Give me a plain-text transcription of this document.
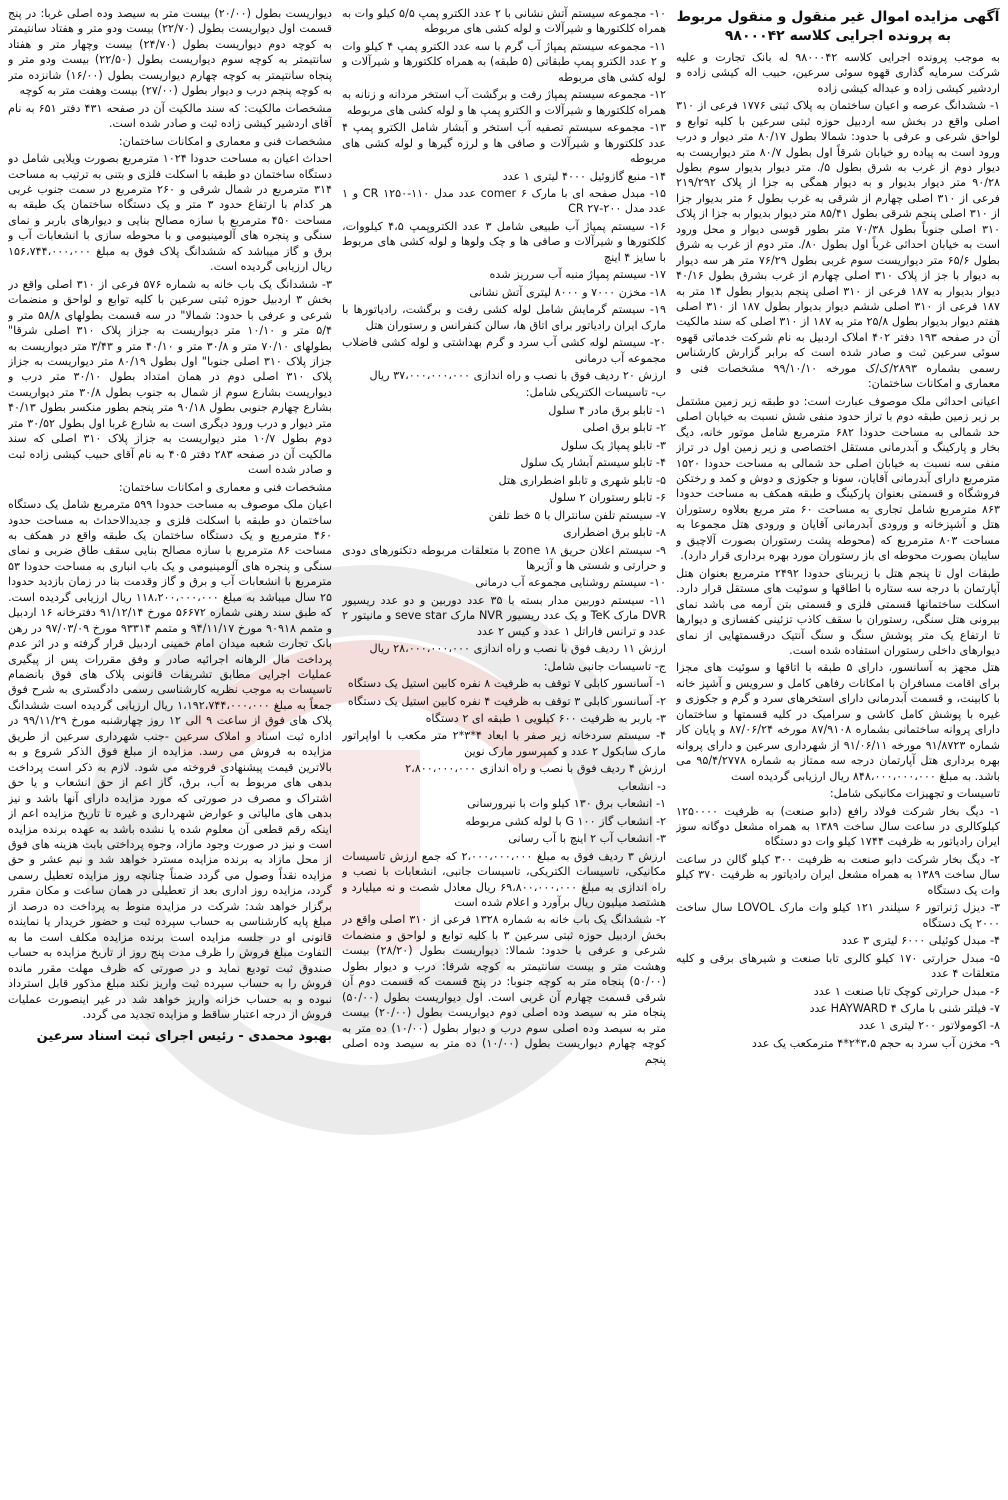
آگهی مزایده اموال غیر منقول و منقول مربوط به پرونده اجرایی کلاسه ۹۸۰۰۰۴۲

به موجب پرونده اجرایی کلاسه ۹۸۰۰۰۴۲ له بانک تجارت و علیه شرکت سرمایه گذاری قهوه سوئی سرعین، حبیب اله کیشی زاده و اردشیر کیشی زاده و عبداله کیشی زاده

۱- ششدانگ عرصه و اعیان ساختمان به پلاک ثبتی ۱۷۷۶ فرعی از ۳۱۰ اصلی واقع در بخش سه اردبیل حوزه ثبتی سرعین با کلیه توابع و لواحق شرعی و عرفی با حدود: شمالا بطول ۸۰/۱۷ متر دیوار و درب ورود است به پیاده رو خیابان شرقاً اول بطول ۸۰/۷ متر دیواریست به دیوار دوم از غرب به شرق بطول ۵/. متر دیوار بدیوار سوم بطول ۹۰/۲۸ متر دیوار بدیوار و به دیوار همگی به جزا از پلاک ۲۱۹/۲۹۲ فرعی از ۳۱۰ اصلی چهارم از شرقی به غرب بطول ۶ متر بدیوار جزا از ۳۱۰ اصلی پنجم شرقی بطول ۸۵/۴۱ متر دیوار بدیوار به جزا از پلاک ۳۱۰ اصلی جنوباً بطول ۷۰/۳۸ متر بطور قوسی دیوار و محل ورود است به خیابان احداثی غرباً اول بطول ۸۰/. متر دوم از غرب به شرق بطول ۶۵/۶ متر دیواریست سوم غربی بطول ۷۶/۲۹ متر هر سه دیوار به دیوار با جز از پلاک ۳۱۰ اصلی چهارم از غرب بشرق بطول ۴۰/۱۶ دیوار بدیوار به ۱۸۷ فرعی از ۳۱۰ اصلی پنجم بدیوار بطول ۱۴ متر به ۱۸۷ فرعی از ۳۱۰ اصلی ششم دیوار بدیوار بطول ۱۸۷ از ۳۱۰ اصلی هفتم دیوار بدیوار بطول ۲۵/۸ متر به ۱۸۷ از ۳۱۰ اصلی که سند مالکیت آن در صفحه ۱۹۳ دفتر ۴۰۲ املاک اردبیل به نام شرکت خدماتی قهوه سوئی سرعین ثبت و صادر شده است که برابر گزارش کارشناس رسمی بشماره ۲۸۹۳/ک/ک مورخه ۹۹/۱۰/۱۰ مشخصات فنی و معماری و امکانات ساختمان:

اعیانی احداثی ملک موصوف عبارت است: دو طبقه زیر زمین مشتمل بر زیر زمین طبقه دوم با تراز حدود منفی شش نسبت به خیابان اصلی حد شمالی به مساحت حدودا ۶۸۲ مترمربع شامل موتور خانه، دیگ بخار و پارکینگ و آبدرمانی مستقل اختصاصی و زیر زمین اول در تراز منفی سه نسبت به خیابان اصلی حد شمالی به مساحت حدودا ۱۵۲۰ مترمربع دارای آبدرمانی آقایان، سونا و جکوزی و دوش و کمد و رختکن فروشگاه و قسمتی بعنوان پارکینگ و طبقه همکف به مساحت حدودا ۸۶۳ مترمربع شامل تجاری به مساحت ۶۰ متر مربع بعلاوه رستوران هتل و آشپزخانه و ورودی آبدرمانی آقایان و ورودی هتل مجموعا به مساحت ۸۰۳ مترمربع که (محوطه پشت رستوران بصورت آلاچیق و سایبان بصورت محوطه ای باز رستوران مورد بهره برداری قرار دارد).

طبقات اول تا پنجم هتل با زیربنای حدودا ۲۴۹۲ مترمربع بعنوان هتل آپارتمان با درجه سه ستاره با اطاقها و سوئیت های مستقل قرار دارد. اسکلت ساختمانها قسمتی فلزی و قسمتی بتن آرمه می باشد نمای بیرونی هتل سنگی، رستوران با سقف کاذب تزئینی کفسازی و دیوارها تا ارتفاع یک متر پوشش سنگ و سنگ آنتیک درقسمتهایی از نمای دیوارهای داخلی رستوران استفاده شده است.

هتل مجهز به آسانسور، دارای ۵ طبقه با اتاقها و سوئیت های مجزا برای اقامت مسافران با امکانات رفاهی کامل و سرویس و آشپز خانه با کابینت، و قسمت آبدرمانی دارای استخرهای سرد و گرم و جکوزی و غیره با پوشش کامل کاشی و سرامیک در کلیه قسمتها و ساختمان دارای پروانه ساختمانی بشماره ۸۷/۹۱۰۸ مورخه ۸۷/۰۶/۲۴ و پایان کار شماره ۹۱/۸۷۲۳ مورخه ۹۱/۰۶/۱۱ از شهرداری سرعین و دارای پروانه بهره برداری هتل آپارتمان درجه سه ممتاز به شماره ۹۵/۴/۲۷۷۸ می باشد. به مبلغ ۸۴۸،۰۰۰،۰۰۰،۰۰۰ ریال ارزیابی گردیده است

تاسیسات و تجهیزات مکانیکی شامل:

۱- دیگ بخار شرکت فولاد رافع (دابو صنعت) به ظرفیت ۱۲۵۰۰۰۰ کیلوکالری در ساعت سال ساخت ۱۳۸۹ به همراه مشعل دوگانه سوز ایران رادیاتور به ظرفیت ۱۷۴۴ کیلو وات دو دستگاه

۲- دیگ بخار شرکت دابو صنعت به ظرفیت ۳۰۰ کیلو گالن در ساعت سال ساخت ۱۳۸۹ به همراه مشعل ایران رادیاتور به ظرفیت ۳۷۰ کیلو وات یک دستگاه

۳- دیزل ژنراتور ۶ سیلندر ۱۲۱ کیلو وات مارک LOVOL سال ساخت ۲۰۰۰ یک دستگاه

۴- مبدل کوئیلی ۶۰۰۰ لیتری ۳ عدد

۵- مبدل حرارتی ۱۷۰ کیلو کالری تابا صنعت و شیرهای برقی و کلیه متعلقات ۴ عدد

۶- مبدل حرارتی کوچک تابا صنعت ۱ عدد

۷- فیلتر شنی با مارک HAYWARD ۴ عدد

۸- اکومولاتور ۲۰۰ لیتری ۱ عدد

۹- مخزن آب سرد به حجم ۳،۵*۲*۴ مترمکعب یک عدد

۱۰- مجموعه سیستم آتش نشانی با ۲ عدد الکترو پمپ ۵/۵ کیلو وات به همراه کلکتورها و شیرآلات و لوله کشی های مربوطه

۱۱- مجموعه سیستم پمپاژ آب گرم با سه عدد الکترو پمپ ۴ کیلو وات و ۲ عدد الکترو پمپ طبقاتی (۵ طبقه) به همراه کلکتورها و شیرآلات و لوله کشی های مربوطه

۱۲- مجموعه سیستم پمپاژ رفت و برگشت آب استخر مردانه و زنانه به همراه کلکتورها و شیرآلات و الکترو پمپ ها و لوله کشی های مربوطه

۱۳- مجموعه سیستم تصفیه آب استخر و آبشار شامل الکترو پمپ ۴ عدد کلکتورها و شیرآلات و صافی ها و لرزه گیرها و لوله کشی های مربوطه

۱۴- منبع گازوئیل ۴۰۰۰ لیتری ۱ عدد

۱۵- مبدل صفحه ای با مارک comer ۶ عدد مدل ۱۱۰-۱۲۵۰ CR و ۱ عدد مدل ۲۰۰-۲۷ CR

۱۶- سیستم پمپاژ آب طبیعی شامل ۳ عدد الکتروپمپ ۴،۵ کیلووات، کلکتورها و شیرآلات و صافی ها و چک ولوها و لوله کشی های مربوط با سایز ۴ اینچ

۱۷- سیستم پمپاژ منبه آب سرریز شده

۱۸- مخزن ۷۰۰۰ و ۸۰۰۰ لیتری آتش نشانی

۱۹- سیستم گرمایش شامل لوله کشی رفت و برگشت، رادیاتورها با مارک ایران رادیاتور برای اتاق ها، سالن کنفرانس و رستوران هتل

۲۰- سیستم لوله کشی آب سرد و گرم بهداشتی و لوله کشی فاضلاب مجموعه آب درمانی

ارزش ۲۰ ردیف فوق با نصب و راه اندازی ۳۷،۰۰۰،۰۰۰،۰۰۰ ریال

ب- تاسیسات الکتریکی شامل:

۱- تابلو برق مادر ۴ سلول

۲- تابلو برق اصلی

۳- تابلو پمپاژ یک سلول

۴- تابلو سیستم آبشار یک سلول

۵- تابلو شهری و تابلو اضطراری هتل

۶- تابلو رستوران ۲ سلول

۷- سیستم تلفن سانترال با ۵ خط تلفن

۸- تابلو برق اضطراری

۹- سیستم اعلان حریق zone ۱۸ با متعلقات مربوطه دتکتورهای دودی و حرارتی و شستی ها و آژیرها

۱۰- سیستم روشنایی مجموعه آب درمانی

۱۱- سیستم دوربین مدار بسته با ۳۵ عدد دوربین و دو عدد ریسیور DVR مارک TeK و یک عدد ریسیور NVR مارک seve star و مانیتور ۲ عدد و ترانس فاراتل ۱ عدد و کیس ۲ عدد

ارزش ۱۱ ردیف فوق با نصب و راه اندازی ۲۸،۰۰۰،۰۰۰،۰۰۰ ریال

ج- تاسیسات جانبی شامل:

۱- آسانسور کابلی ۷ توقف به ظرفیت ۸ نفره کابین استیل یک دستگاه

۲- آسانسور کابلی ۳ توقف به ظرفیت ۴ نفره کابین استیل یک دستگاه

۳- باربر به ظرفیت ۶۰۰ کیلویی ۱ طبقه ای ۲ دستگاه

۴- سیستم سردخانه زیر صفر با ابعاد ۴*۳*۲ متر مکعب با اواپراتور مارک سابکول ۲ عدد و کمپرسور مارک نوین

ارزش ۴ ردیف فوق با نصب و راه اندازی ۲،۸۰۰،۰۰۰،۰۰۰

د- انشعاب

۱- انشعاب برق ۱۳۰ کیلو وات با نیرورسانی

۲- انشعاب گاز G ۱۰۰ با لوله کشی مربوطه

۳- انشعاب آب ۲ اینچ با آب رسانی

ارزش ۳ ردیف فوق به مبلغ ۲،۰۰۰،۰۰۰،۰۰۰ که جمع ارزش تاسیسات مکانیکی، تاسیسات الکتریکی، تاسیسات جانبی، انشعابات با نصب و راه اندازی به مبلغ ۶۹،۸۰۰،۰۰۰،۰۰۰ ریال معادل شصت و نه میلیارد و هشتصد میلیون ریال برآورد و اعلام شده است

۲- ششدانگ یک باب خانه به شماره ۱۳۲۸ فرعی از ۳۱۰ اصلی واقع در بخش اردبیل حوزه ثبتی سرعین ۳ با کلیه توابع و لواحق و منضمات شرعی و عرفی با حدود: شمالا: دیواریست بطول (۲۸/۲۰) بیست وهشت متر و بیست سانتیمتر به کوچه شرقا: درب و دیوار بطول (۵۰/۰۰) پنجاه متر به کوچه جنوبا: در پنج قسمت که قسمت دوم آن شرقی قسمت چهارم آن غربی است. اول دیواریست بطول (۵۰/۰۰) پنجاه متر به سیصد وده اصلی دوم دیواریست بطول (۲۰/۰۰) بیست متر به سیصد وده اصلی سوم درب و دیوار بطول (۱۰/۰۰) ده متر به کوچه چهارم دیواریست بطول (۱۰/۰۰) ده متر به سیصد وده اصلی پنجم

دیواریست بطول (۲۰/۰۰) بیست متر به سیصد وده اصلی غربا: در پنج قسمت اول دیواریست بطول (۲۲/۷۰) بیست ودو متر و هفتاد سانتیمتر به کوچه دوم دیواریست بطول (۲۴/۷۰) بیست وچهار متر و هفتاد سانتیمتر به کوچه سوم دیواریست بطول (۲۲/۵۰) بیست ودو متر و پنجاه سانتیمتر به کوچه چهارم دیواریست بطول (۱۶/۰۰) شانزده متر به کوچه پنجم درب و دیوار بطول (۲۷/۰۰) بیست وهفت متر به کوچه

مشخصات مالکیت: که سند مالکیت آن در صفحه ۴۳۱ دفتر ۶۵۱ به نام آقای اردشیر کیشی زاده ثبت و صادر شده است.

مشخصات فنی و معماری و امکانات ساختمان:

احداث اعیان به مساحت حدودا ۱۰۲۴ مترمربع بصورت ویلایی شامل دو دستگاه ساختمان دو طبقه با اسکلت فلزی و بتنی به ترتیب به مساحت ۳۱۴ مترمربع در شمال شرقی و ۲۶۰ مترمربع در سمت جنوب غربی هر کدام با ارتفاع حدود ۳ متر و یک دستگاه ساختمان یک طبقه به مساحت ۴۵۰ مترمربع با سازه مصالح بنایی و دیوارهای باربر و نمای سنگی و پنجره های آلومینیومی و با محوطه سازی با انشعابات آب و برق و گاز میباشد که ششدانگ پلاک فوق به مبلغ ۱۵۶،۷۴۴،۰۰۰،۰۰۰ ریال ارزیابی گردیده است.

۳- ششدانگ یک باب خانه به شماره ۵۷۶ فرعی از ۳۱۰ اصلی واقع در بخش ۳ اردبیل حوزه ثبتی سرعین با کلیه توابع و لواحق و منضمات شرعی و عرفی با حدود: شمالا" در سه قسمت بطولهای ۵۸/۸ متر و ۵/۴ متر و ۱۰/۱۰ متر دیواریست به جزاز پلاک ۳۱۰ اصلی شرقا" بطولهای ۷۰/۱۰ متر و ۳۰/۸ متر و ۴۰/۱۰ متر و ۳/۴۳ متر دیواریست به جزاز پلاک ۳۱۰ اصلی جنوبا" اول بطول ۸۰/۱۹ متر دیواریست به جزاز پلاک ۳۱۰ اصلی دوم در همان امتداد بطول ۳۰/۱۰ متر درب و دیواریست بشارع سوم از شمال به جنوب بطول ۳۰/۸ متر دیواریست بشارع چهارم جنوبی بطول ۹۰/۱۸ متر پنجم بطور منکسر بطول ۴۰/۱۳ متر دیوار و درب ورود دیگری است به شارع غربا اول بطول ۳۰/۵۲ متر دوم بطول ۱۰/۷ متر دیواریست به جزاز پلاک ۳۱۰ اصلی که سند مالکیت آن در صفحه ۲۸۳ دفتر ۴۰۵ به نام آقای حبیب کیشی زاده ثبت و صادر شده است

مشخصات فنی و معماری و امکانات ساختمان:

اعیان ملک موصوف به مساحت حدودا ۵۹۹ مترمربع شامل یک دستگاه ساختمان دو طبقه با اسکلت فلزی و جدیدالاحداث به مساحت حدود ۴۶۰ مترمربع و یک دستگاه ساختمان یک طبقه واقع در همکف به مساحت ۸۶ مترمربع با سازه مصالح بنایی سقف طاق ضربی و نمای سنگی و پنجره های آلومینیومی و یک باب انباری به مساحت حدودا ۵۳ مترمربع با انشعابات آب و برق و گاز وقدمت بنا در زمان بازدید حدودا ۲۵ سال میباشد به مبلغ ۱۱۸،۲۰۰،۰۰۰،۰۰۰ ریال ارزیابی گردیده است. که طبق سند رهنی شماره ۵۶۶۷۲ مورخ ۹۱/۱۲/۱۴ دفترخانه ۱۶ اردبیل و متمم ۹۰۹۱۸ مورخ ۹۴/۱۱/۱۷ و متمم ۹۳۳۱۴ مورخ ۹۷/۰۳/۰۹ در رهن بانک تجارت شعبه میدان امام خمینی اردبیل قرار گرفته و در اثر عدم پرداخت مال الرهانه اجرائیه صادر و وفق مقررات پس از پیگیری عملیات اجرایی مطابق تشریفات قانونی پلاک های فوق بانضمام تاسیسات به موجب نظریه کارشناسی رسمی دادگستری به شرح فوق جمعاً به مبلغ ۱،۱۹۲،۷۴۴،۰۰۰،۰۰۰ ریال ارزیابی گردیده است ششدانگ پلاک های فوق از ساعت ۹ الی ۱۲ روز چهارشنبه مورخ ۹۹/۱۱/۲۹ در اداره ثبت اسناد و املاک سرعین -جنب شهرداری سرعین از طریق مزایده به فروش می رسد. مزایده از مبلغ فوق الذکر شروع و به بالاترین قیمت پیشنهادی فروخته می شود. لازم به ذکر است پرداخت بدهی های مربوط به آب، برق، گاز اعم از حق انشعاب و یا حق اشتراک و مصرف در صورتی که مورد مزایده دارای آنها باشد و نیز بدهی های مالیاتی و عوارض شهرداری و غیره تا تاریخ مزایده اعم از اینکه رقم قطعی آن معلوم شده یا نشده باشد به عهده برنده مزایده است و نیز در صورت وجود مازاد، وجوه پرداختی بابت هزینه های فوق از محل مازاد به برنده مزایده مسترد خواهد شد و نیم عشر و حق مزایده نقداً وصول می گردد ضمناً چنانچه روز مزایده تعطیل رسمی گردد، مزایده روز اداری بعد از تعطیلی در همان ساعت و مکان مقرر برگزار خواهد شد: شرکت در مزایده منوط به پرداخت ده درصد از مبلغ پایه کارشناسی به حساب سپرده ثبت و حضور خریدار یا نماینده قانونی او در جلسه مزایده است برنده مزایده مکلف است ما به التفاوت مبلغ فروش را ظرف مدت پنج روز از تاریخ مزایده به حساب صندوق ثبت تودیع نماید و در صورتی که ظرف مهلت مقرر مانده فروش را به حساب سپرده ثبت واریز نکند مبلغ مذکور قابل استرداد نبوده و به حساب خزانه واریز خواهد شد در غیر اینصورت عملیات فروش از درجه اعتبار ساقط و مزایده تجدید می گردد.

بهبود محمدی - رئیس اجرای ثبت اسناد سرعین
